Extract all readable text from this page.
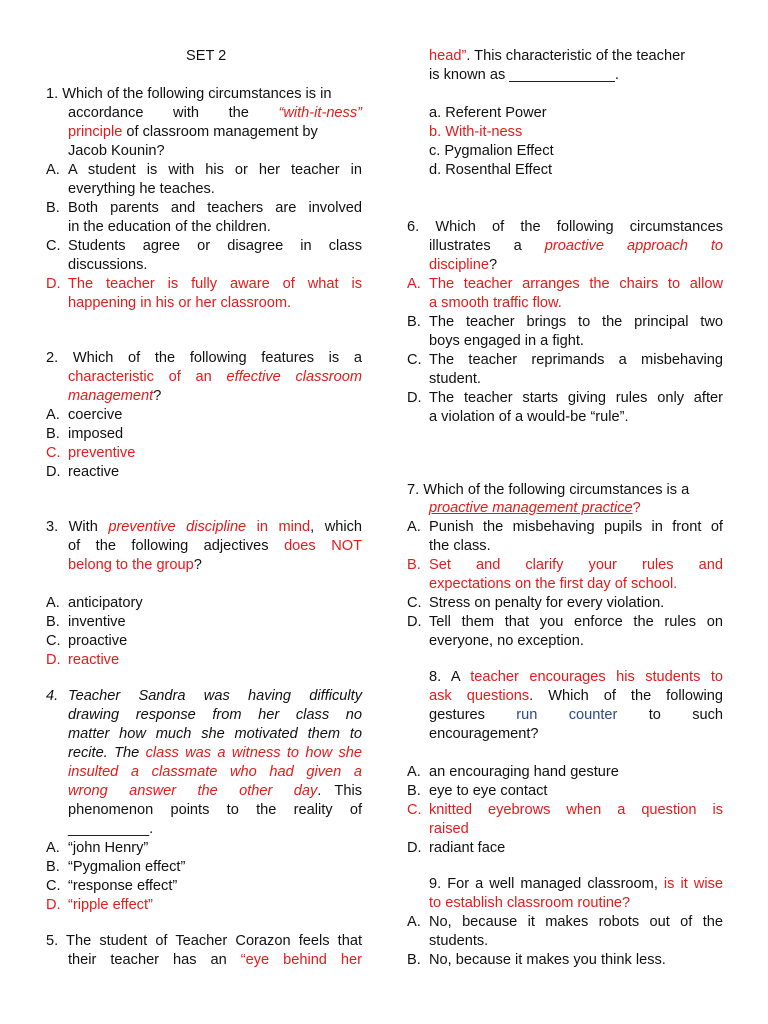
SET 2
1. Which of the following circumstances is in
accordance with the “with-it-ness”
principle of classroom management by
Jacob Kounin?
A. A student is with his or her teacher in
everything he teaches.
B. Both parents and teachers are involved
in the education of the children.
C. Students agree or disagree in class
discussions.
D. The teacher is fully aware of what is
happening in his or her classroom.
2. Which of the following features is a
characteristic of an effective classroom
management?
A. coercive
B. imposed
C. preventive
D. reactive
3. With preventive discipline in mind, which
of the following adjectives does NOT
belong to the group?
A. anticipatory
B. inventive
C. proactive
D. reactive
4. Teacher Sandra was having difficulty
drawing response from her class no
matter how much she motivated them to
recite. The class was a witness to how she
insulted a classmate who had given a
wrong answer the other day. This
phenomenon points to the reality of
__________.
A. “john Henry”
B. “Pygmalion effect”
C. “response effect”
D. “ripple effect”
5. The student of Teacher Corazon feels that
their teacher has an “eye behind her
head”. This characteristic of the teacher
is known as _____________.
a. Referent Power
b. With-it-ness
c. Pygmalion Effect
d. Rosenthal Effect
6. Which of the following circumstances
illustrates a proactive approach to
discipline?
A. The teacher arranges the chairs to allow
a smooth traffic flow.
B. The teacher brings to the principal two
boys engaged in a fight.
C. The teacher reprimands a misbehaving
student.
D. The teacher starts giving rules only after
a violation of a would-be “rule”.
7. Which of the following circumstances is a
proactive management practice?
A. Punish the misbehaving pupils in front of
the class.
B. Set and clarify your rules and
expectations on the first day of school.
C. Stress on penalty for every violation.
D. Tell them that you enforce the rules on
everyone, no exception.
8. A teacher encourages his students to
ask questions. Which of the following
gestures run counter to such
encouragement?
A. an encouraging hand gesture
B. eye to eye contact
C. knitted eyebrows when a question is
raised
D. radiant face
9. For a well managed classroom, is it wise
to establish classroom routine?
A. No, because it makes robots out of the
students.
B. No, because it makes you think less.
